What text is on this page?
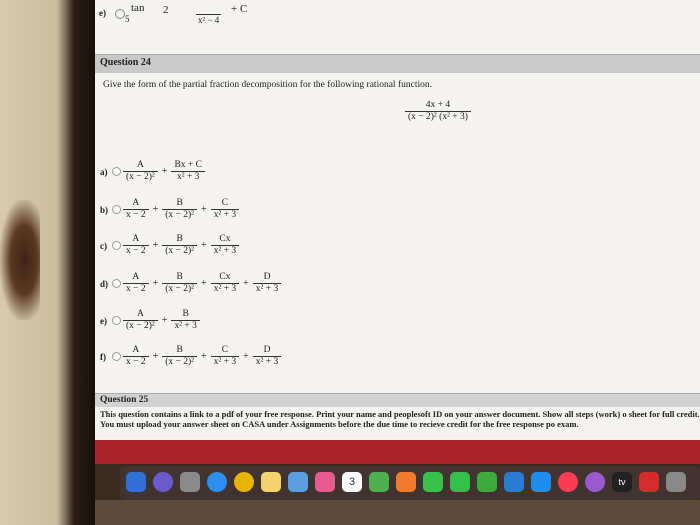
e)
5
tan 2
x² − 4
+ C
Question 24
Give the form of the partial fraction decomposition for the following rational function.
$\frac{4x + 4}{\text{(x − 2)² (x² + 3)}}$
$a) \frac{A}{\text{(x − 2)²}} + \frac{Bx + C}{\text{x² + 3}}$
$b) \frac{A}{x - 2} + \frac{B}{\text{(x − 2)²}} + \frac{C}{\text{x² + 3}}$
$c) \frac{A}{x - 2} + \frac{B}{\text{(x − 2)²}} + \frac{Cx}{\text{x² + 3}}$
$d) \frac{A}{x - 2} + \frac{B}{\text{(x − 2)²}} + \frac{Cx}{\text{x² + 3}} + \frac{D}{\text{x² + 3}}$
$e) \frac{A}{\text{(x − 2)²}} + \frac{B}{\text{x² + 3}}$
$f) \frac{A}{x - 2} + \frac{B}{\text{(x − 2)²}} + \frac{C}{\text{x² + 3}} + \frac{D}{\text{x² + 3}}$
Question 25
This question contains a link to a pdf of your free response. Print your name and peoplesoft ID on your answer document. Show all steps (work) o sheet for full credit. You must upload your answer sheet on CASA under Assignments before the due time to recieve credit for the free response po exam.
3	tv
